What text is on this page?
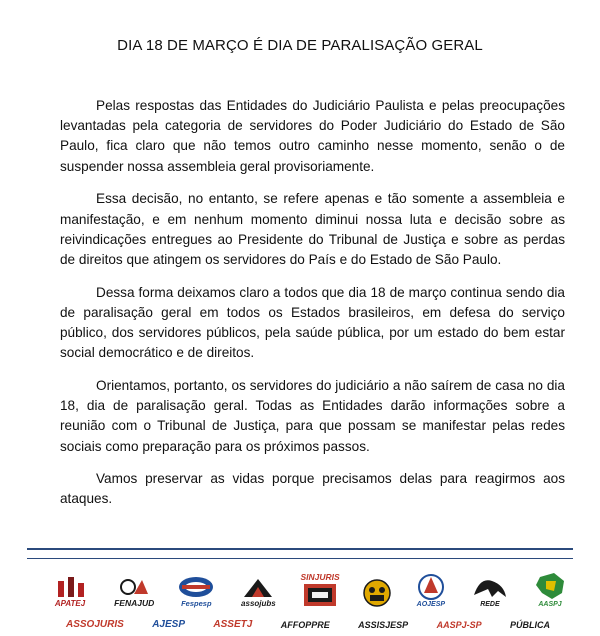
DIA 18 DE MARÇO É DIA DE PARALISAÇÃO GERAL

Pelas respostas das Entidades do Judiciário Paulista e pelas preocupações levantadas pela categoria de servidores do Poder Judiciário do Estado de São Paulo, fica claro que não temos outro caminho nesse momento, senão o de suspender nossa assembleia geral provisoriamente.

Essa decisão, no entanto, se refere apenas e tão somente a assembleia e manifestação, e em nenhum momento diminui nossa luta e decisão sobre as reivindicações entregues ao Presidente do Tribunal de Justiça e sobre as perdas de direitos que atingem os servidores do País e do Estado de São Paulo.

Dessa forma deixamos claro a todos que dia 18 de março continua sendo dia de paralisação geral em todos os Estados brasileiros, em defesa do serviço público, dos servidores públicos, pela saúde pública, por um estado do bem estar social democrático e de direitos.

Orientamos, portanto, os servidores do judiciário a não saírem de casa no dia 18, dia de paralisação geral. Todas as Entidades darão informações sobre a reunião com o Tribunal de Justiça, para que possam se manifestar pelas redes sociais como preparação para os próximos passos.

Vamos preservar as vidas porque precisamos delas para reagirmos aos ataques.

APATEJ	FENAJUD	Fespesp	assojubs
SINJURIS
AOJESP	REDE	AASPJ
ASSOJURIS	AJESP	ASSETJ	AFFOPPRE	ASSISJESP	AASPJ-SP	PÚBLICA
